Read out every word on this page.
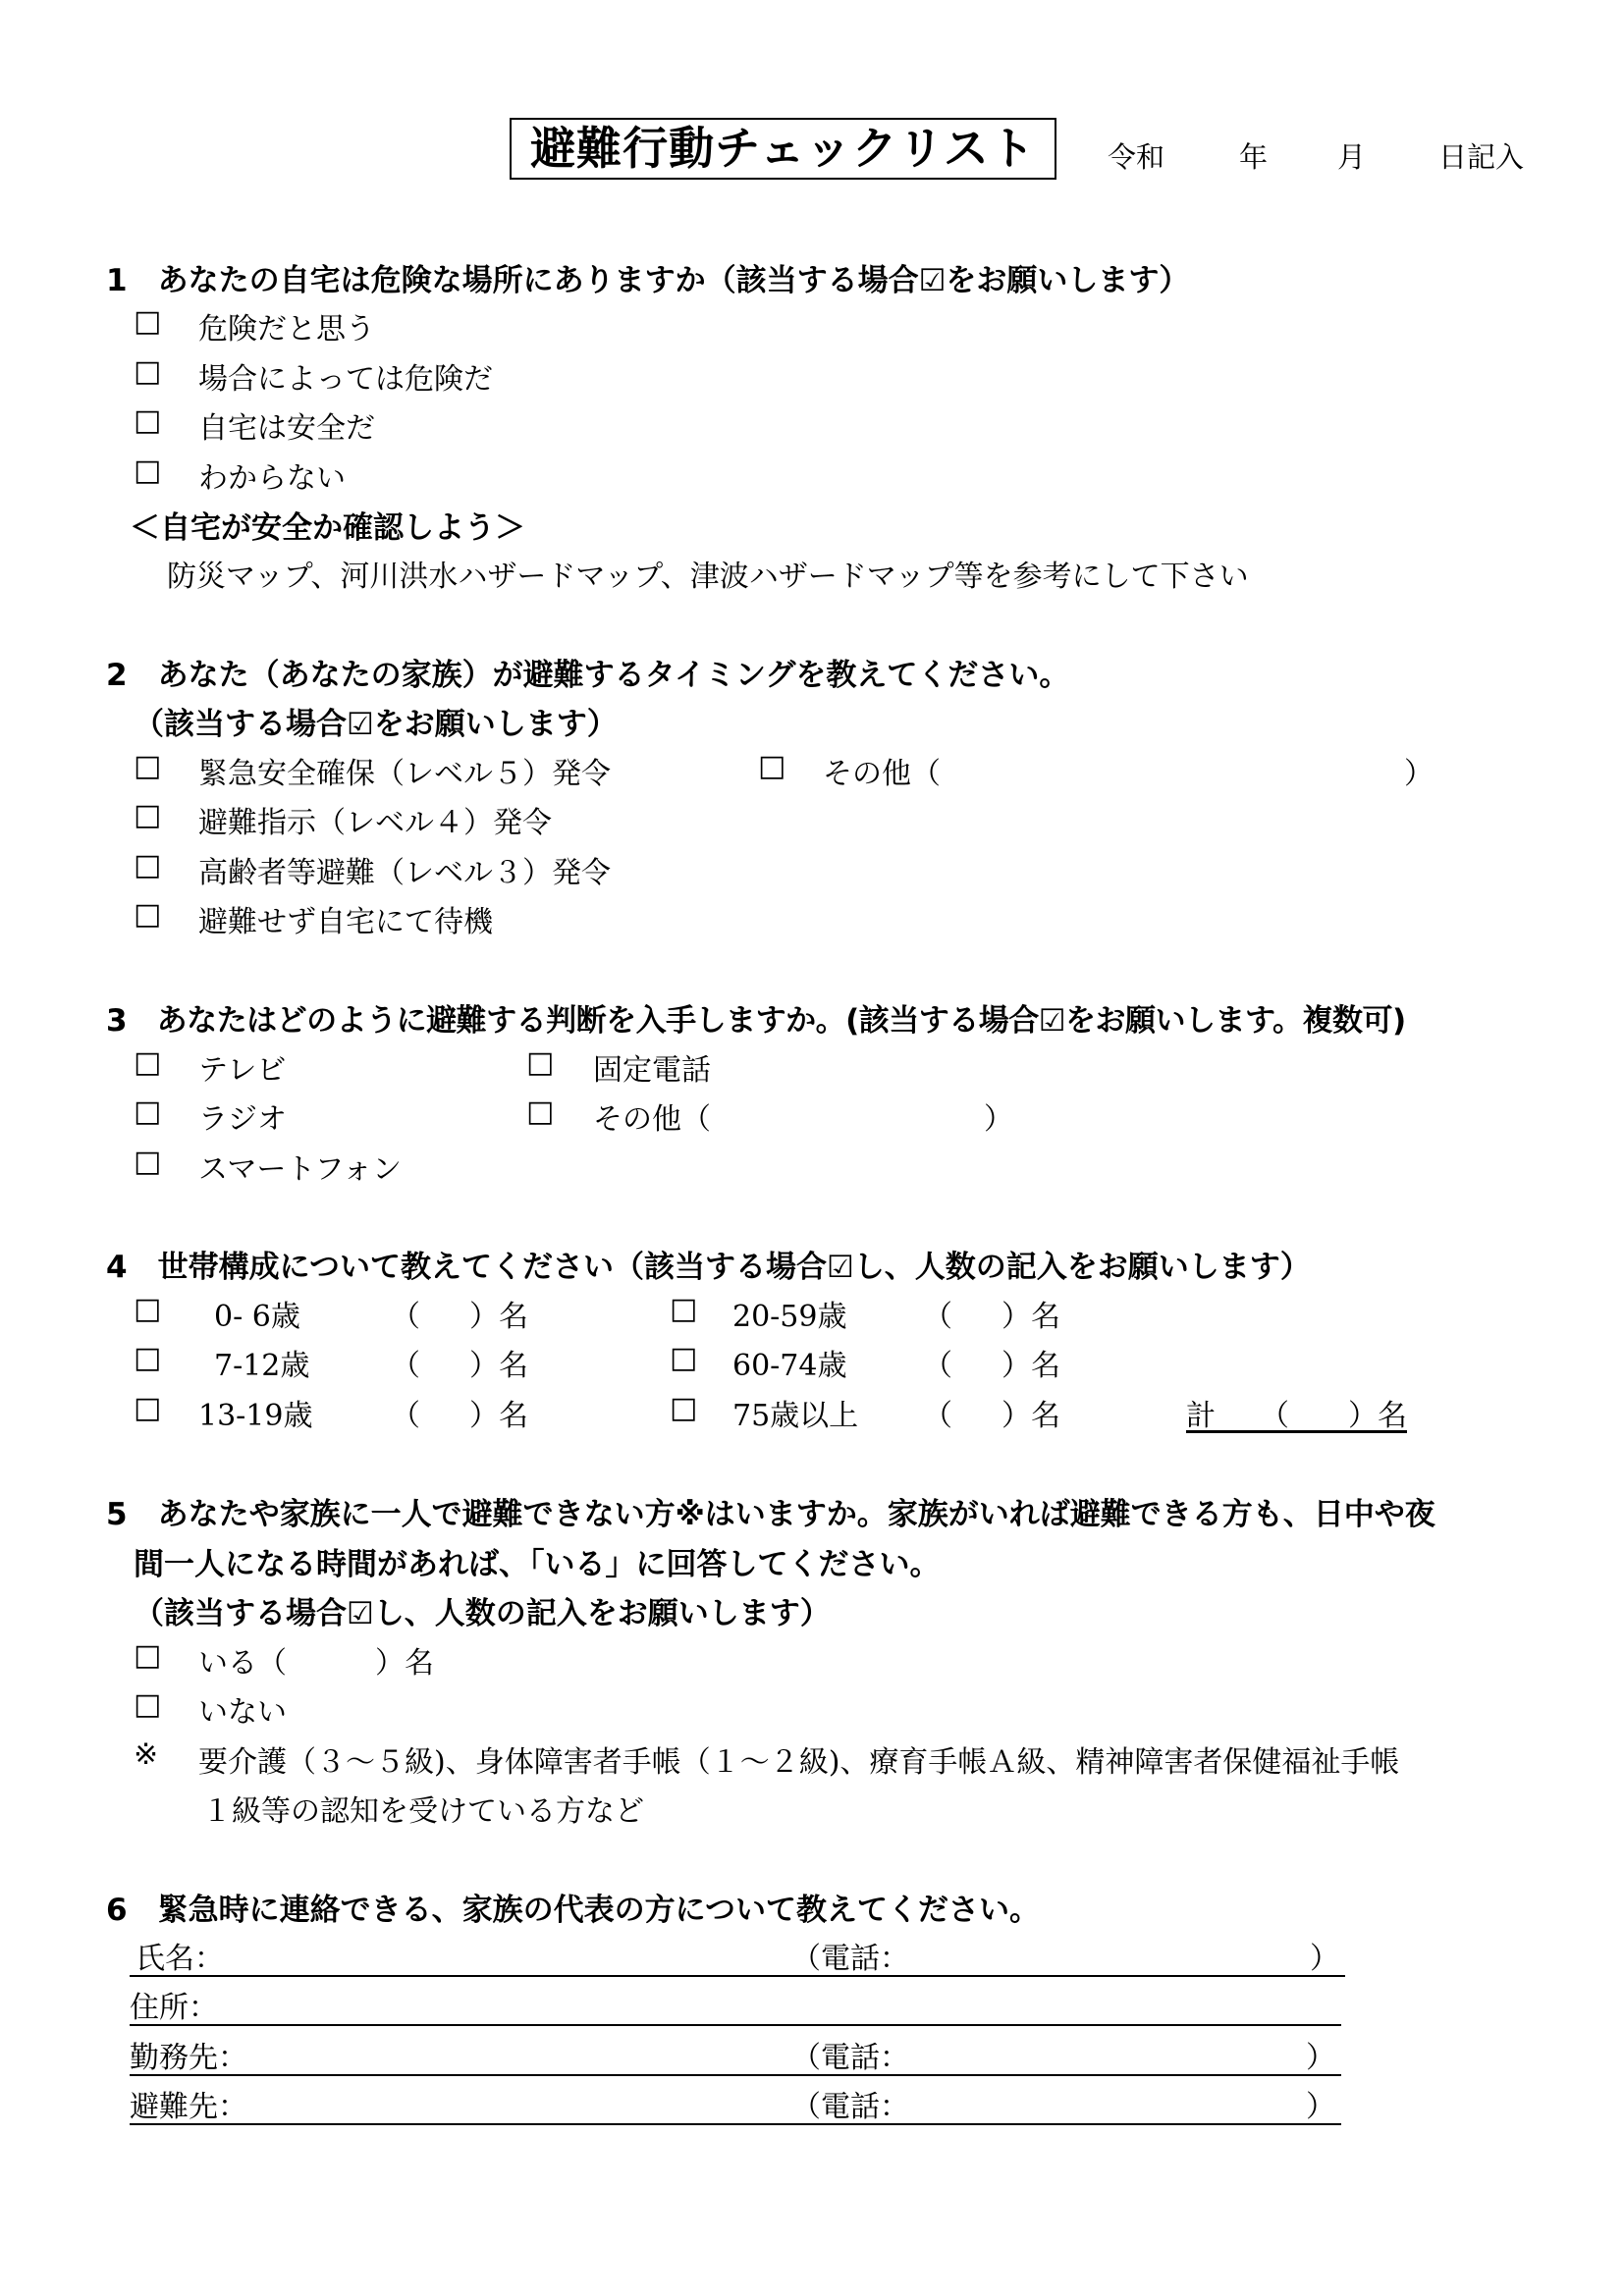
避難行動チェックリスト	令和	年 月	日記入
1　あなたの自宅は危険な場所にありますか（該当する場合☑をお願いします）
□ 危険だと思う
□ 場合によっては危険だ
□ 自宅は安全だ
□ わからない
＜自宅が安全か確認しよう＞
防災マップ、河川洪水ハザードマップ、津波ハザードマップ等を参考にして下さい
2　あなた（あなたの家族）が避難するタイミングを教えてください。
（該当する場合☑をお願いします）
□ 緊急安全確保（レベル５）発令	□ その他（	）
□ 避難指示（レベル４）発令
□ 高齢者等避難（レベル３）発令
□ 避難せず自宅にて待機
3　あなたはどのように避難する判断を入手しますか。(該当する場合☑をお願いします。複数可)
□ テレビ	□ 固定電話
□ ラジオ	□ その他（	）
□ スマートフォン
4　世帯構成について教えてください（該当する場合☑し、人数の記入をお願いします）
□ 0- 6歳	（ ）名	□ 20-59歳	（ ）名
□ 7-12歳	（ ）名	□ 60-74歳	（ ）名
□ 13-19歳	（ ）名	□ 75歳以上 （ ）名	計　　（　　）名
5　あなたや家族に一人で避難できない方※はいますか。家族がいれば避難できる方も、日中や夜
間一人になる時間があれば、「いる」に回答してください。
（該当する場合☑し、人数の記入をお願いします）
□ いる（　　　）名
□ いない
※ 要介護（３～５級)、身体障害者手帳（１～２級)、療育手帳Ａ級、精神障害者保健福祉手帳
１級等の認知を受けている方など
6　緊急時に連絡できる、家族の代表の方について教えてください。
氏名：	（電話：	）
住所：
勤務先：	（電話：	）
避難先：	（電話：	）
